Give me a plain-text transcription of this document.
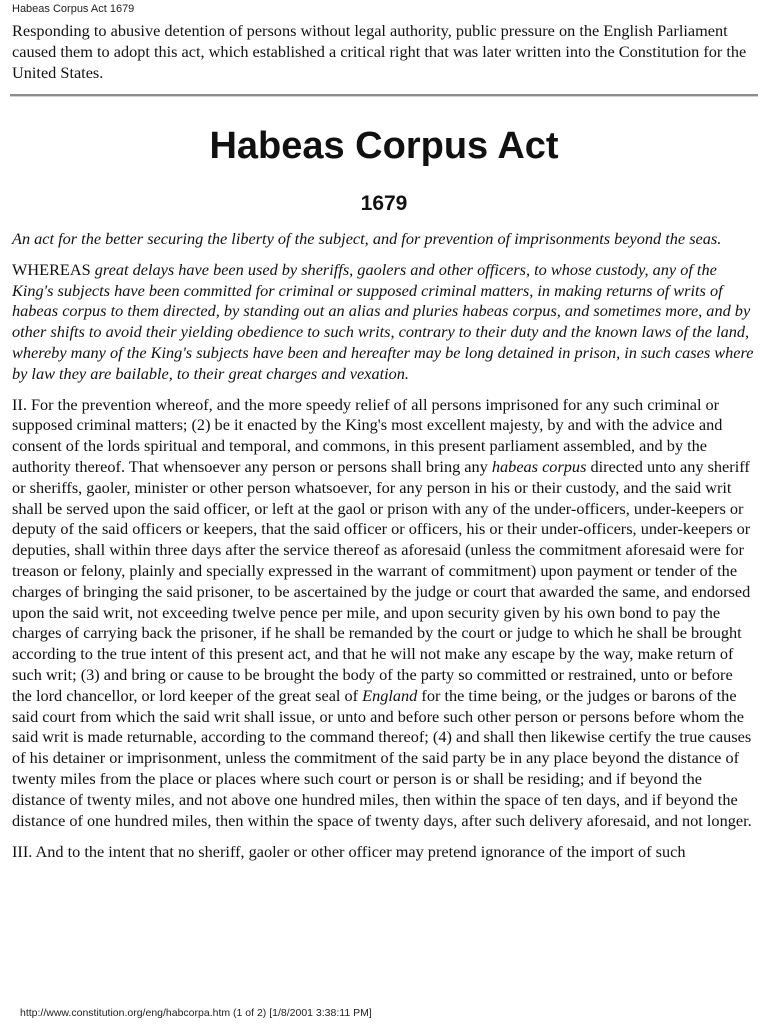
Habeas Corpus Act 1679

Responding to abusive detention of persons without legal authority, public pressure on the English Parliament caused them to adopt this act, which established a critical right that was later written into the Constitution for the United States.

Habeas Corpus Act
1679

An act for the better securing the liberty of the subject, and for prevention of imprisonments beyond the seas.

WHEREAS great delays have been used by sheriffs, gaolers and other officers, to whose custody, any of the King's subjects have been committed for criminal or supposed criminal matters, in making returns of writs of habeas corpus to them directed, by standing out an alias and pluries habeas corpus, and sometimes more, and by other shifts to avoid their yielding obedience to such writs, contrary to their duty and the known laws of the land, whereby many of the King's subjects have been and hereafter may be long detained in prison, in such cases where by law they are bailable, to their great charges and vexation.

II. For the prevention whereof, and the more speedy relief of all persons imprisoned for any such criminal or supposed criminal matters; (2) be it enacted by the King's most excellent majesty, by and with the advice and consent of the lords spiritual and temporal, and commons, in this present parliament assembled, and by the authority thereof. That whensoever any person or persons shall bring any habeas corpus directed unto any sheriff or sheriffs, gaoler, minister or other person whatsoever, for any person in his or their custody, and the said writ shall be served upon the said officer, or left at the gaol or prison with any of the under-officers, under-keepers or deputy of the said officers or keepers, that the said officer or officers, his or their under-officers, under-keepers or deputies, shall within three days after the service thereof as aforesaid (unless the commitment aforesaid were for treason or felony, plainly and specially expressed in the warrant of commitment) upon payment or tender of the charges of bringing the said prisoner, to be ascertained by the judge or court that awarded the same, and endorsed upon the said writ, not exceeding twelve pence per mile, and upon security given by his own bond to pay the charges of carrying back the prisoner, if he shall be remanded by the court or judge to which he shall be brought according to the true intent of this present act, and that he will not make any escape by the way, make return of such writ; (3) and bring or cause to be brought the body of the party so committed or restrained, unto or before the lord chancellor, or lord keeper of the great seal of England for the time being, or the judges or barons of the said court from which the said writ shall issue, or unto and before such other person or persons before whom the said writ is made returnable, according to the command thereof; (4) and shall then likewise certify the true causes of his detainer or imprisonment, unless the commitment of the said party be in any place beyond the distance of twenty miles from the place or places where such court or person is or shall be residing; and if beyond the distance of twenty miles, and not above one hundred miles, then within the space of ten days, and if beyond the distance of one hundred miles, then within the space of twenty days, after such delivery aforesaid, and not longer.

III. And to the intent that no sheriff, gaoler or other officer may pretend ignorance of the import of such

http://www.constitution.org/eng/habcorpa.htm (1 of 2) [1/8/2001 3:38:11 PM]
